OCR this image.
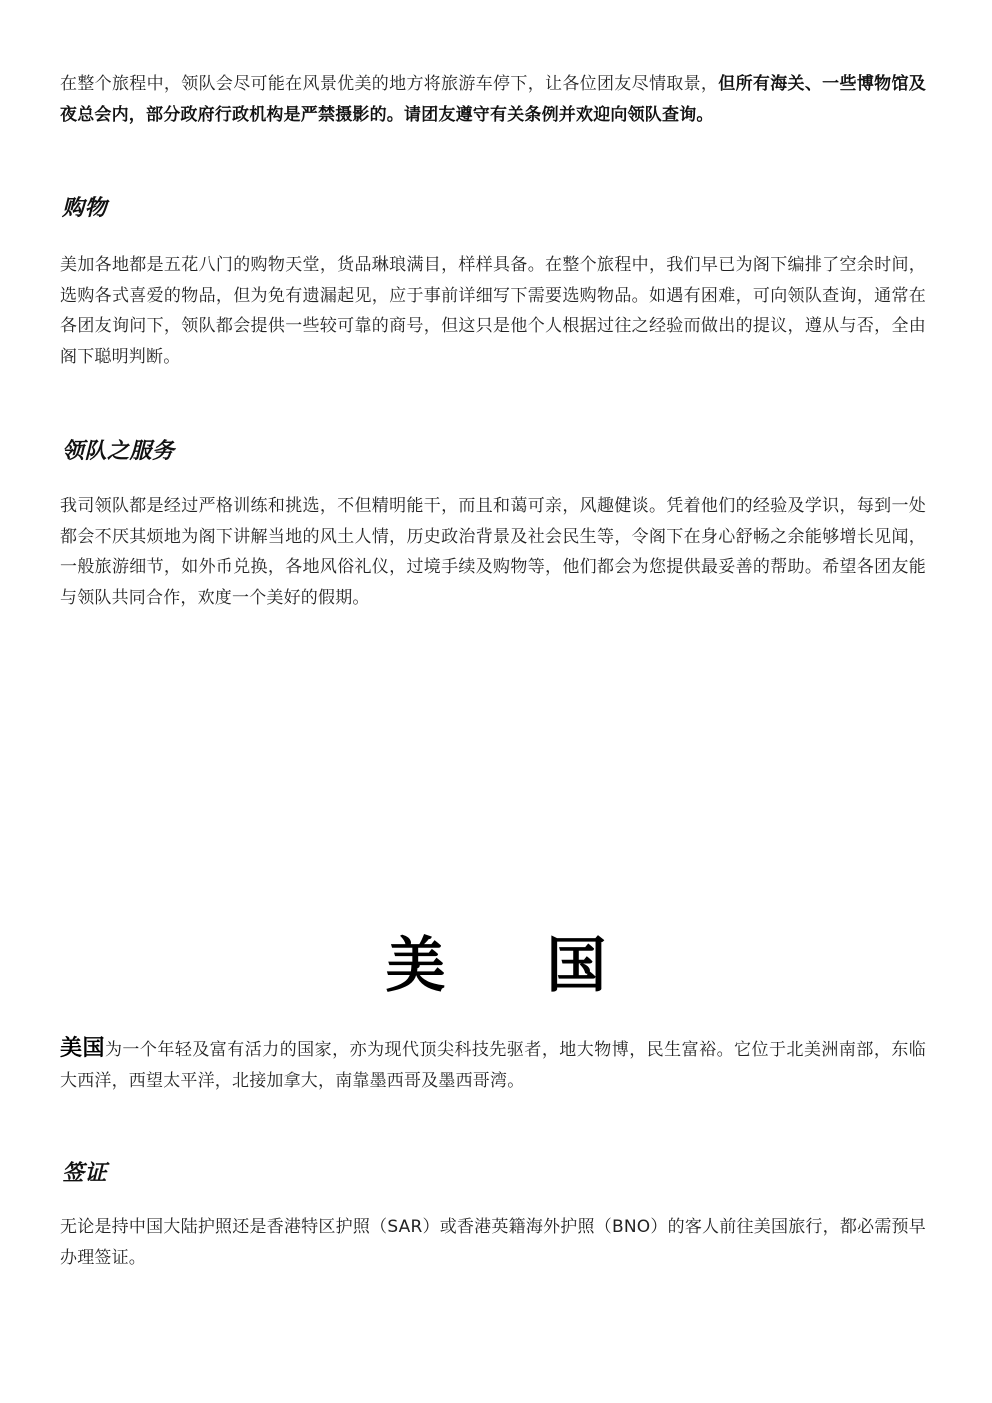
在整个旅程中，领队会尽可能在风景优美的地方将旅游车停下，让各位团友尽情取景，但所有海关、一些博物馆及夜总会内，部分政府行政机构是严禁摄影的。请团友遵守有关条例并欢迎向领队查询。

购物

美加各地都是五花八门的购物天堂，货品琳琅满目，样样具备。在整个旅程中，我们早已为阁下编排了空余时间，选购各式喜爱的物品，但为免有遗漏起见，应于事前详细写下需要选购物品。如遇有困难，可向领队查询，通常在各团友询问下，领队都会提供一些较可靠的商号，但这只是他个人根据过往之经验而做出的提议，遵从与否，全由阁下聪明判断。

领队之服务

我司领队都是经过严格训练和挑选，不但精明能干，而且和蔼可亲，风趣健谈。凭着他们的经验及学识，每到一处都会不厌其烦地为阁下讲解当地的风土人情，历史政治背景及社会民生等，令阁下在身心舒畅之余能够增长见闻，一般旅游细节，如外币兑换，各地风俗礼仪，过境手续及购物等，他们都会为您提供最妥善的帮助。希望各团友能与领队共同合作，欢度一个美好的假期。

美 国

美国为一个年轻及富有活力的国家，亦为现代顶尖科技先驱者，地大物博，民生富裕。它位于北美洲南部，东临大西洋，西望太平洋，北接加拿大，南靠墨西哥及墨西哥湾。

签证

无论是持中国大陆护照还是香港特区护照（SAR）或香港英籍海外护照（BNO）的客人前往美国旅行，都必需预早办理签证。
